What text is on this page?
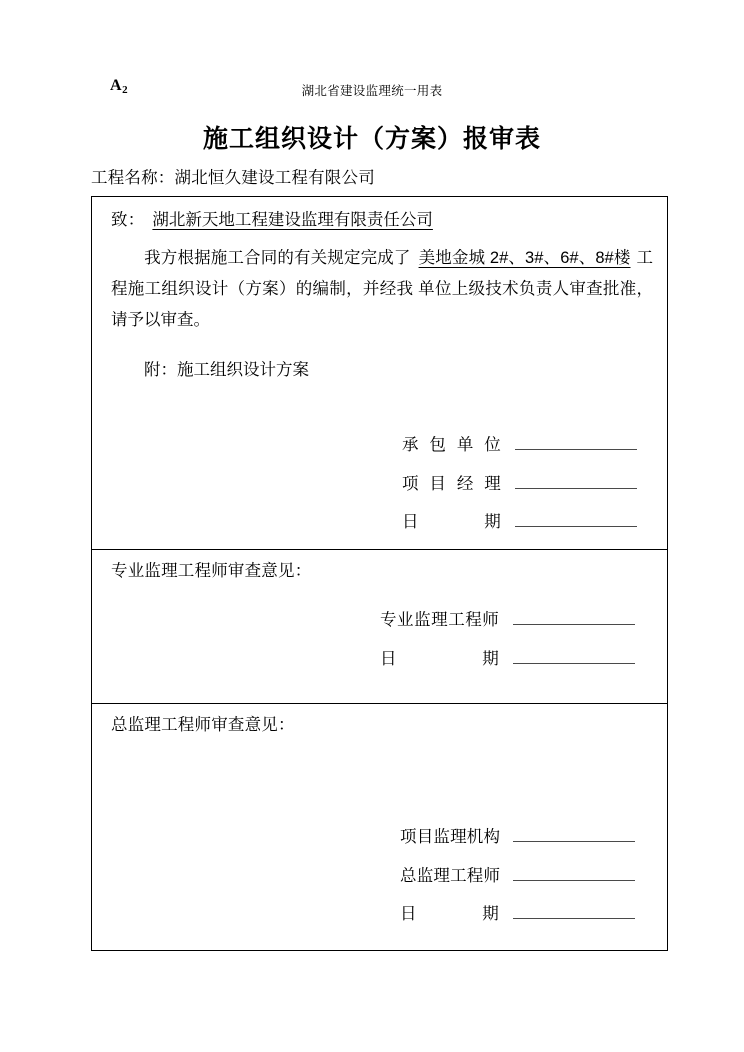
$A_2$	湖北省建设监理统一用表
施工组织设计（方案）报审表
工程名称：湖北恒久建设工程有限公司
致： 湖北新天地工程建设监理有限责任公司
我方根据施工合同的有关规定完成了 美地金城 2#、3#、6#、8#楼 工程施工组织设计（方案）的编制，并经我 单位上级技术负责人审查批准，请予以审查。
附：施工组织设计方案
承包单位
项目经理
日期
专业监理工程师审查意见：
专业监理工程师
日期
总监理工程师审查意见：
项目监理机构
总监理工程师
日期
